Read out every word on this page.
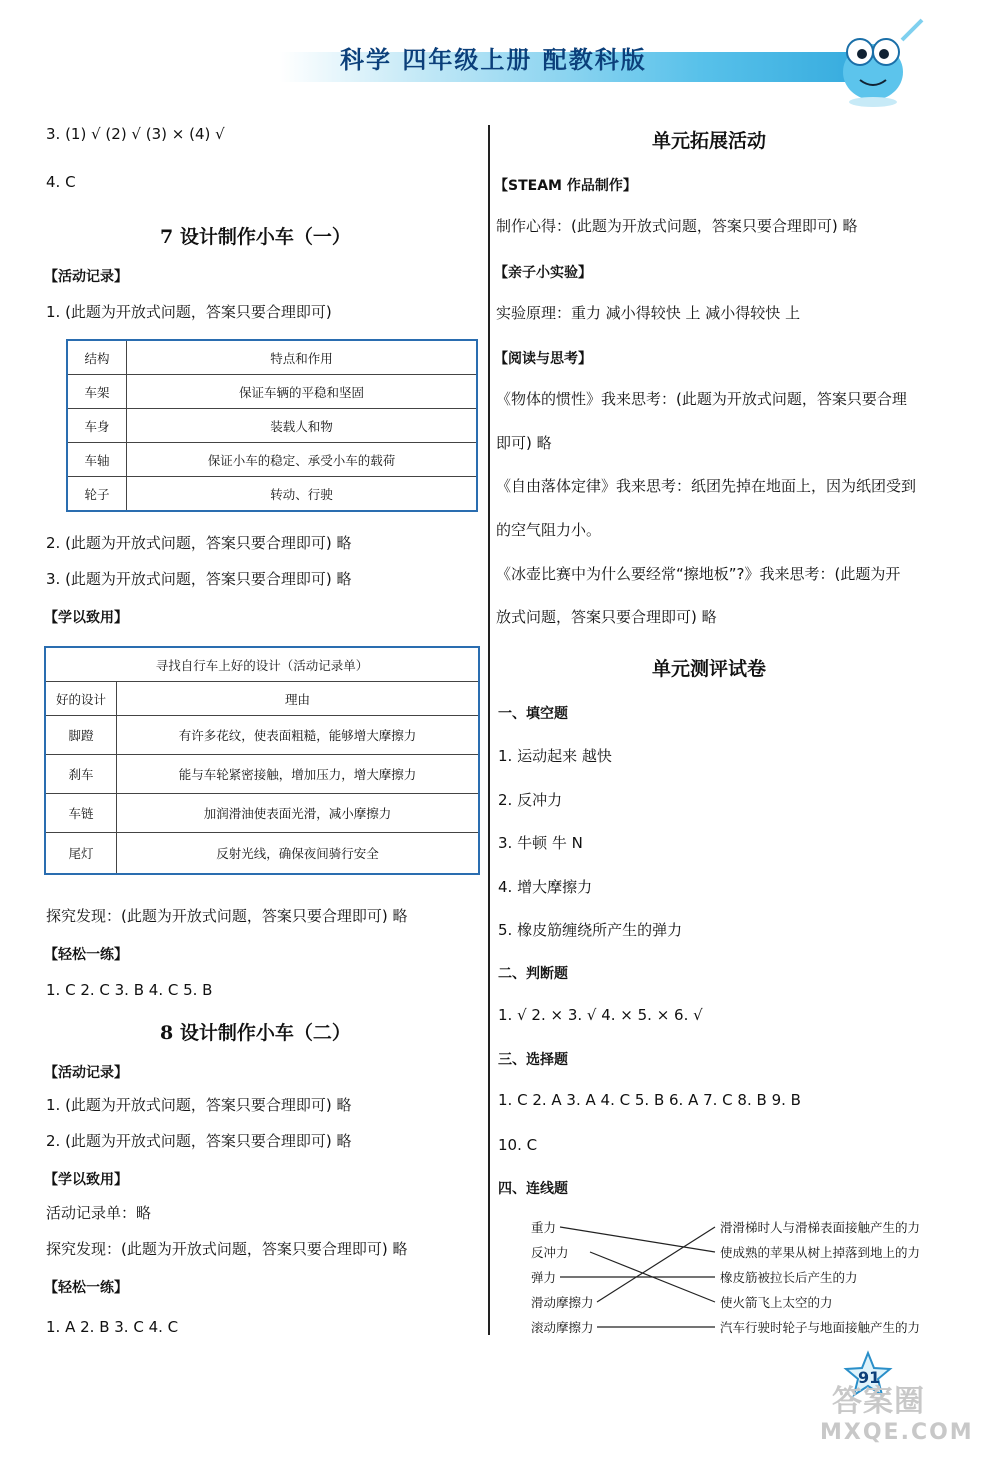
科学 四年级上册 配教科版
3. (1) √ (2) √ (3) × (4) √
4. C
7 设计制作小车（一）
【活动记录】
1. (此题为开放式问题，答案只要合理即可)
结构	特点和作用
车架	保证车辆的平稳和坚固
车身	装载人和物
车轴	保证小车的稳定、承受小车的载荷
轮子	转动、行驶
2. (此题为开放式问题，答案只要合理即可) 略
3. (此题为开放式问题，答案只要合理即可) 略
【学以致用】
寻找自行车上好的设计（活动记录单）	
好的设计	理由
脚蹬	有许多花纹，使表面粗糙，能够增大摩擦力
刹车	能与车轮紧密接触，增加压力，增大摩擦力
车链	加润滑油使表面光滑，减小摩擦力
尾灯	反射光线，确保夜间骑行安全
探究发现：(此题为开放式问题，答案只要合理即可) 略
【轻松一练】
1. C 2. C 3. B 4. C 5. B
8 设计制作小车（二）
【活动记录】
1. (此题为开放式问题，答案只要合理即可) 略
2. (此题为开放式问题，答案只要合理即可) 略
【学以致用】
活动记录单：略
探究发现：(此题为开放式问题，答案只要合理即可) 略
【轻松一练】
1. A 2. B 3. C 4. C
单元拓展活动
【STEAM 作品制作】
制作心得：(此题为开放式问题，答案只要合理即可) 略
【亲子小实验】
实验原理：重力 减小得较快 上 减小得较快 上
【阅读与思考】
《物体的惯性》我来思考：(此题为开放式问题，答案只要合理
即可) 略
《自由落体定律》我来思考：纸团先掉在地面上，因为纸团受到
的空气阻力小。
《冰壶比赛中为什么要经常“擦地板”?》我来思考：(此题为开
放式问题，答案只要合理即可) 略
单元测评试卷
一、填空题
1. 运动起来 越快
2. 反冲力
3. 牛顿 牛 N
4. 增大摩擦力
5. 橡皮筋缠绕所产生的弹力
二、判断题
1. √ 2. × 3. √ 4. × 5. × 6. √
三、选择题
1. C 2. A 3. A 4. C 5. B 6. A 7. C 8. B 9. B
10. C
四、连线题
重力
反冲力
弹力
滑动摩擦力
滚动摩擦力
滑滑梯时人与滑梯表面接触产生的力
使成熟的苹果从树上掉落到地上的力
橡皮筋被拉长后产生的力
使火箭飞上太空的力
汽车行驶时轮子与地面接触产生的力
91
答案圈
MXQE.COM
